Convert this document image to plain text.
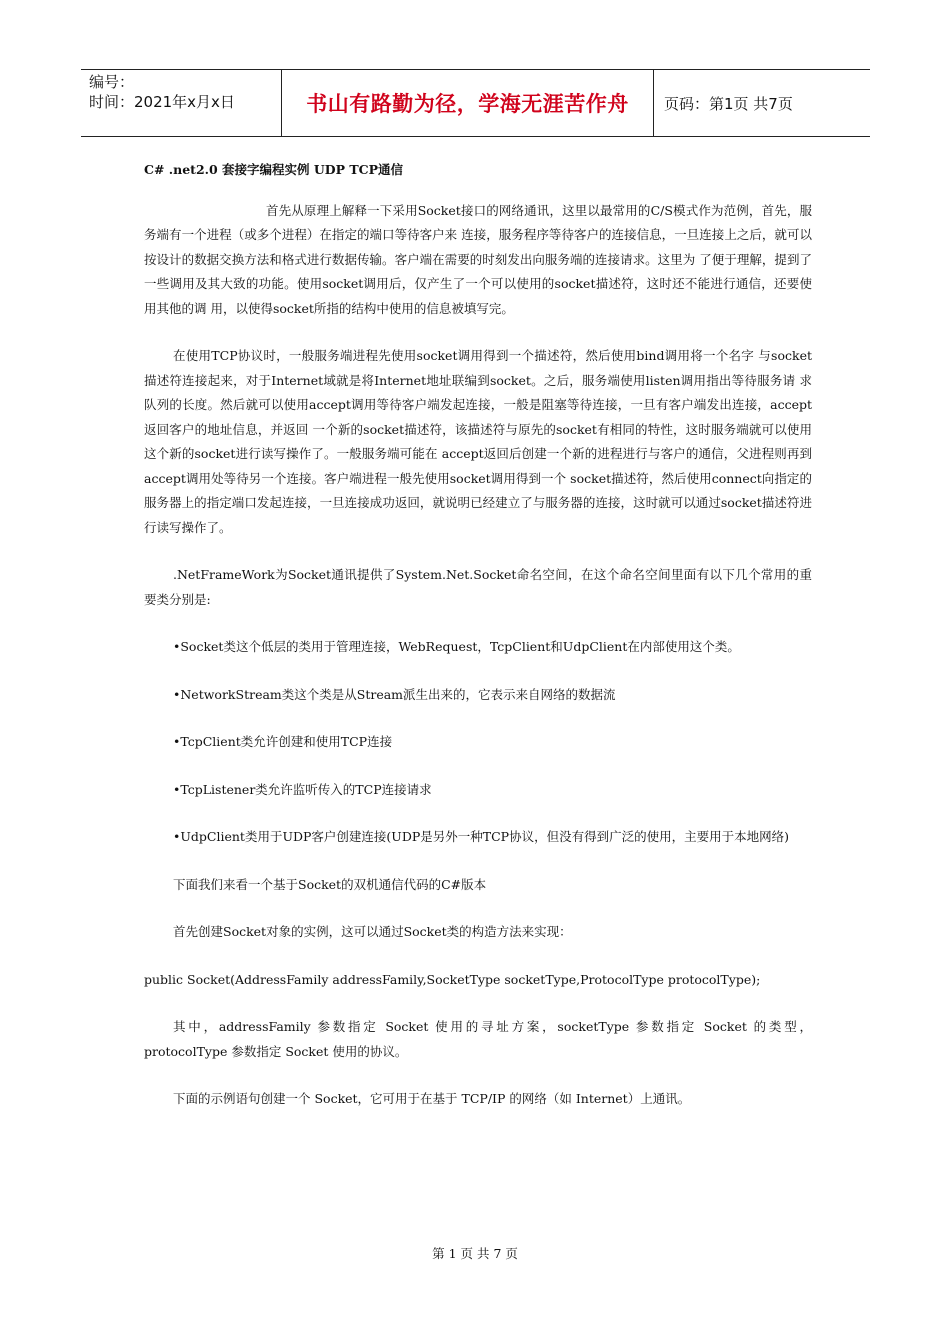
编号：
时间：2021年x月x日	书山有路勤为径，学海无涯苦作舟	页码：第1页 共7页
C# .net2.0 套接字编程实例 UDP TCP通信

首先从原理上解释一下采用Socket接口的网络通讯，这里以最常用的C/S模式作为范例，首先，服务端有一个进程（或多个进程）在指定的端口等待客户来 连接，服务程序等待客户的连接信息，一旦连接上之后，就可以按设计的数据交换方法和格式进行数据传输。客户端在需要的时刻发出向服务端的连接请求。这里为 了便于理解，提到了一些调用及其大致的功能。使用socket调用后，仅产生了一个可以使用的socket描述符，这时还不能进行通信，还要使用其他的调 用，以使得socket所指的结构中使用的信息被填写完。

在使用TCP协议时，一般服务端进程先使用socket调用得到一个描述符，然后使用bind调用将一个名字 与socket描述符连接起来，对于Internet域就是将Internet地址联编到socket。之后，服务端使用listen调用指出等待服务请 求队列的长度。然后就可以使用accept调用等待客户端发起连接，一般是阻塞等待连接，一旦有客户端发出连接，accept返回客户的地址信息，并返回 一个新的socket描述符，该描述符与原先的socket有相同的特性，这时服务端就可以使用这个新的socket进行读写操作了。一般服务端可能在 accept返回后创建一个新的进程进行与客户的通信，父进程则再到accept调用处等待另一个连接。客户端进程一般先使用socket调用得到一个 socket描述符，然后使用connect向指定的服务器上的指定端口发起连接，一旦连接成功返回，就说明已经建立了与服务器的连接，这时就可以通过socket描述符进行读写操作了。

.NetFrameWork为Socket通讯提供了System.Net.Socket命名空间，在这个命名空间里面有以下几个常用的重要类分别是:

•Socket类这个低层的类用于管理连接，WebRequest，TcpClient和UdpClient在内部使用这个类。

•NetworkStream类这个类是从Stream派生出来的，它表示来自网络的数据流

•TcpClient类允许创建和使用TCP连接

•TcpListener类允许监听传入的TCP连接请求

•UdpClient类用于UDP客户创建连接(UDP是另外一种TCP协议，但没有得到广泛的使用，主要用于本地网络)

下面我们来看一个基于Socket的双机通信代码的C#版本

首先创建Socket对象的实例，这可以通过Socket类的构造方法来实现：

public Socket(AddressFamily addressFamily,SocketType socketType,ProtocolType protocolType);

其中，addressFamily 参数指定 Socket 使用的寻址方案，socketType 参数指定 Socket 的类型，protocolType 参数指定 Socket 使用的协议。

下面的示例语句创建一个 Socket，它可用于在基于 TCP/IP 的网络（如 Internet）上通讯。

第 1 页 共 7 页
